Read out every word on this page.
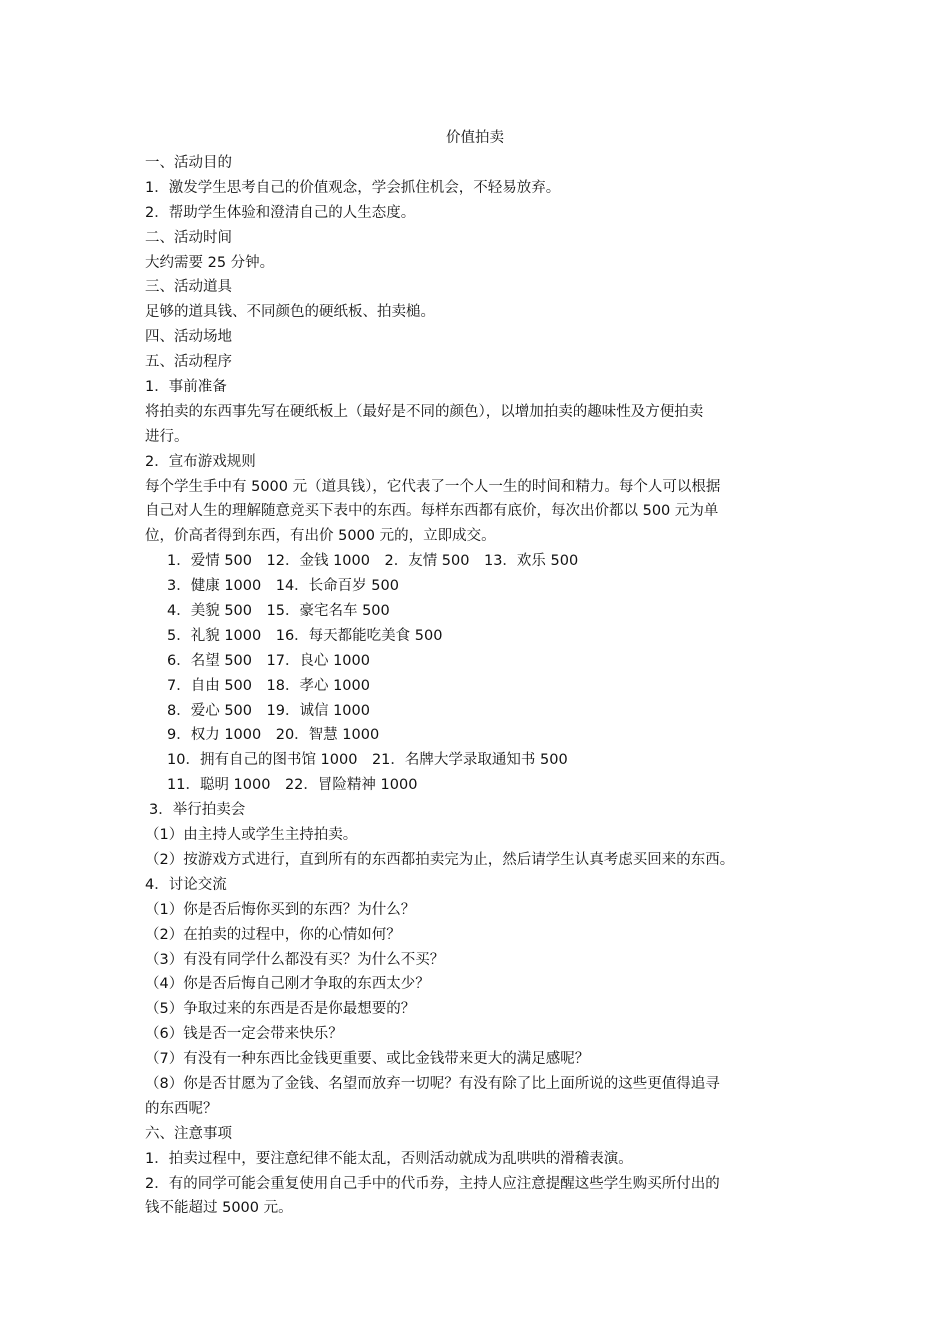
价值拍卖
一、活动目的
1．激发学生思考自己的价值观念，学会抓住机会，不轻易放弃。
2．帮助学生体验和澄清自己的人生态度。
二、活动时间
大约需要 25 分钟。
三、活动道具
足够的道具钱、不同颜色的硬纸板、拍卖槌。
四、活动场地
五、活动程序
1．事前准备
将拍卖的东西事先写在硬纸板上（最好是不同的颜色），以增加拍卖的趣味性及方便拍卖
进行。
2．宣布游戏规则
每个学生手中有 5000 元（道具钱），它代表了一个人一生的时间和精力。每个人可以根据
自己对人生的理解随意竞买下表中的东西。每样东西都有底价，每次出价都以 500 元为单
位，价高者得到东西，有出价 5000 元的，立即成交。
1．爱情 500　12．金钱 1000　2．友情 500　13．欢乐 500
3．健康 1000　14．长命百岁 500
4．美貌 500　15．豪宅名车 500
5．礼貌 1000　16．每天都能吃美食 500
6．名望 500　17．良心 1000
7．自由 500　18．孝心 1000
8．爱心 500　19．诚信 1000
9．权力 1000　20．智慧 1000
10．拥有自己的图书馆 1000　21．名牌大学录取通知书 500
11．聪明 1000　22．冒险精神 1000
3．举行拍卖会
（1）由主持人或学生主持拍卖。
（2）按游戏方式进行，直到所有的东西都拍卖完为止，然后请学生认真考虑买回来的东西。
4．讨论交流
（1）你是否后悔你买到的东西？为什么？
（2）在拍卖的过程中，你的心情如何？
（3）有没有同学什么都没有买？为什么不买？
（4）你是否后悔自己刚才争取的东西太少？
（5）争取过来的东西是否是你最想要的？
（6）钱是否一定会带来快乐？
（7）有没有一种东西比金钱更重要、或比金钱带来更大的满足感呢？
（8）你是否甘愿为了金钱、名望而放弃一切呢？有没有除了比上面所说的这些更值得追寻
的东西呢？
六、注意事项
1．拍卖过程中，要注意纪律不能太乱，否则活动就成为乱哄哄的滑稽表演。
2．有的同学可能会重复使用自己手中的代币券，主持人应注意提醒这些学生购买所付出的
钱不能超过 5000 元。
